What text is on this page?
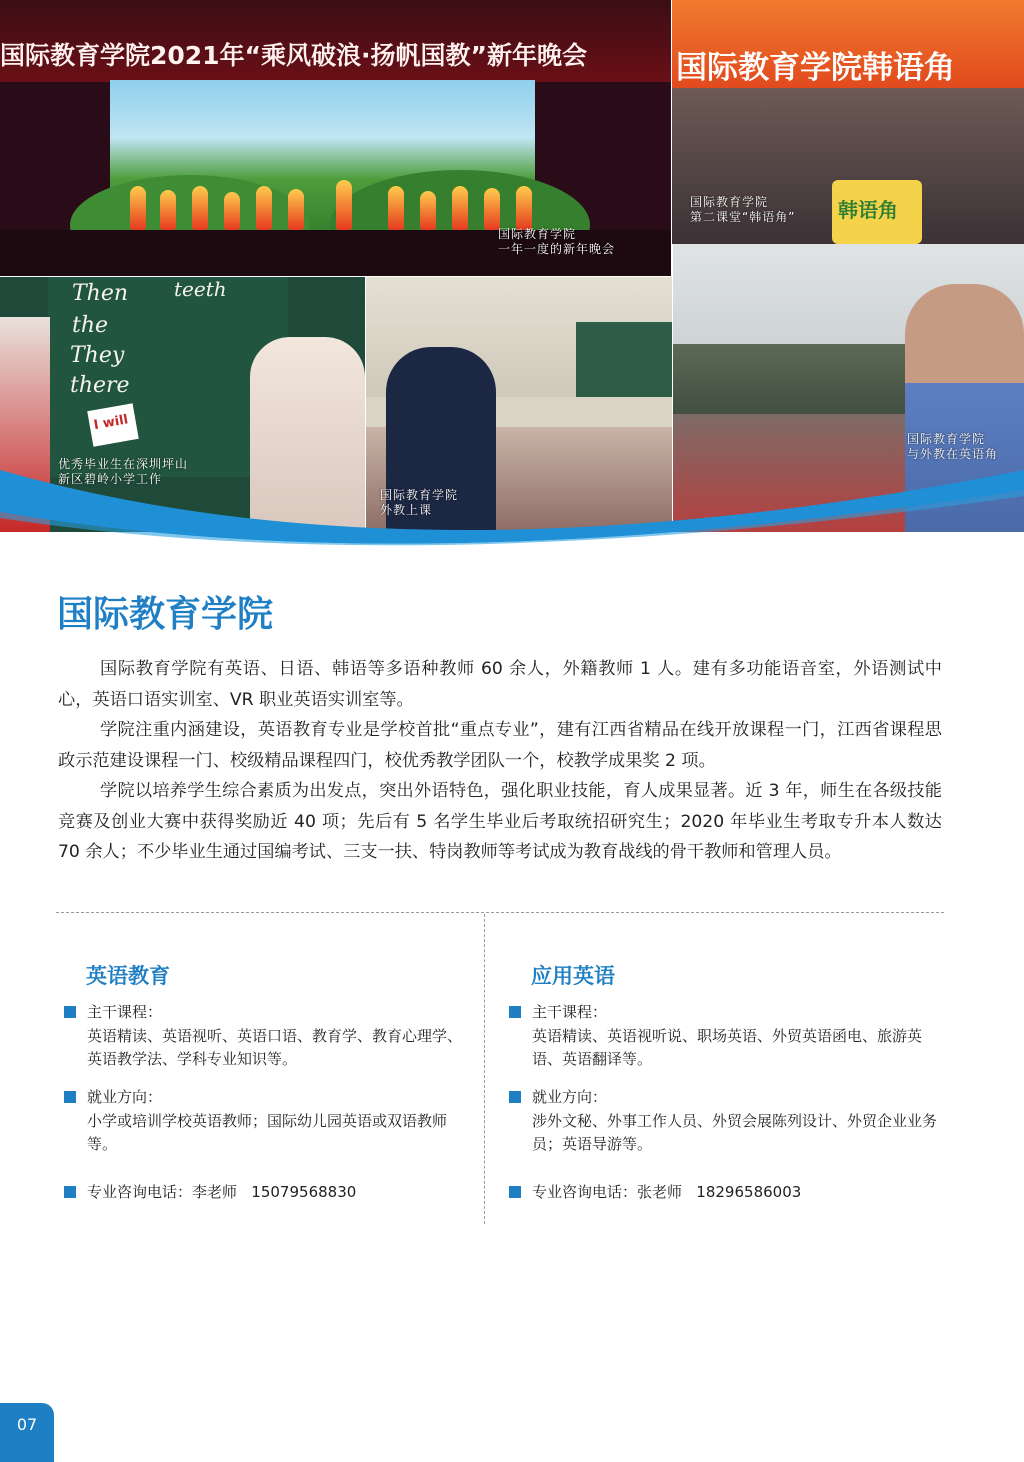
国际教育学院2021年“乘风破浪·扬帆国教”新年晚会
国际教育学院
一年一度的新年晚会
国际教育学院韩语角
韩语角
国际教育学院
第二课堂“韩语角”
Then
the
They
there
teeth
I will
优秀毕业生在深圳坪山
新区碧岭小学工作
国际教育学院
外教上课
国际教育学院
与外教在英语角
国际教育学院

国际教育学院有英语、日语、韩语等多语种教师 60 余人，外籍教师 1 人。建有多功能语音室，外语测试中心，英语口语实训室、VR 职业英语实训室等。

学院注重内涵建设，英语教育专业是学校首批“重点专业”，建有江西省精品在线开放课程一门，江西省课程思政示范建设课程一门、校级精品课程四门，校优秀教学团队一个，校教学成果奖 2 项。

学院以培养学生综合素质为出发点，突出外语特色，强化职业技能，育人成果显著。近 3 年，师生在各级技能竞赛及创业大赛中获得奖励近 40 项；先后有 5 名学生毕业后考取统招研究生；2020 年毕业生考取专升本人数达 70 余人；不少毕业生通过国编考试、三支一扶、特岗教师等考试成为教育战线的骨干教师和管理人员。

英语教育
主干课程：
英语精读、英语视听、英语口语、教育学、教育心理学、英语教学法、学科专业知识等。
就业方向：
小学或培训学校英语教师；国际幼儿园英语或双语教师等。
专业咨询电话：李老师   15079568830
应用英语
主干课程：
英语精读、英语视听说、职场英语、外贸英语函电、旅游英语、英语翻译等。
就业方向：
涉外文秘、外事工作人员、外贸会展陈列设计、外贸企业业务员；英语导游等。
专业咨询电话：张老师   18296586003
07
